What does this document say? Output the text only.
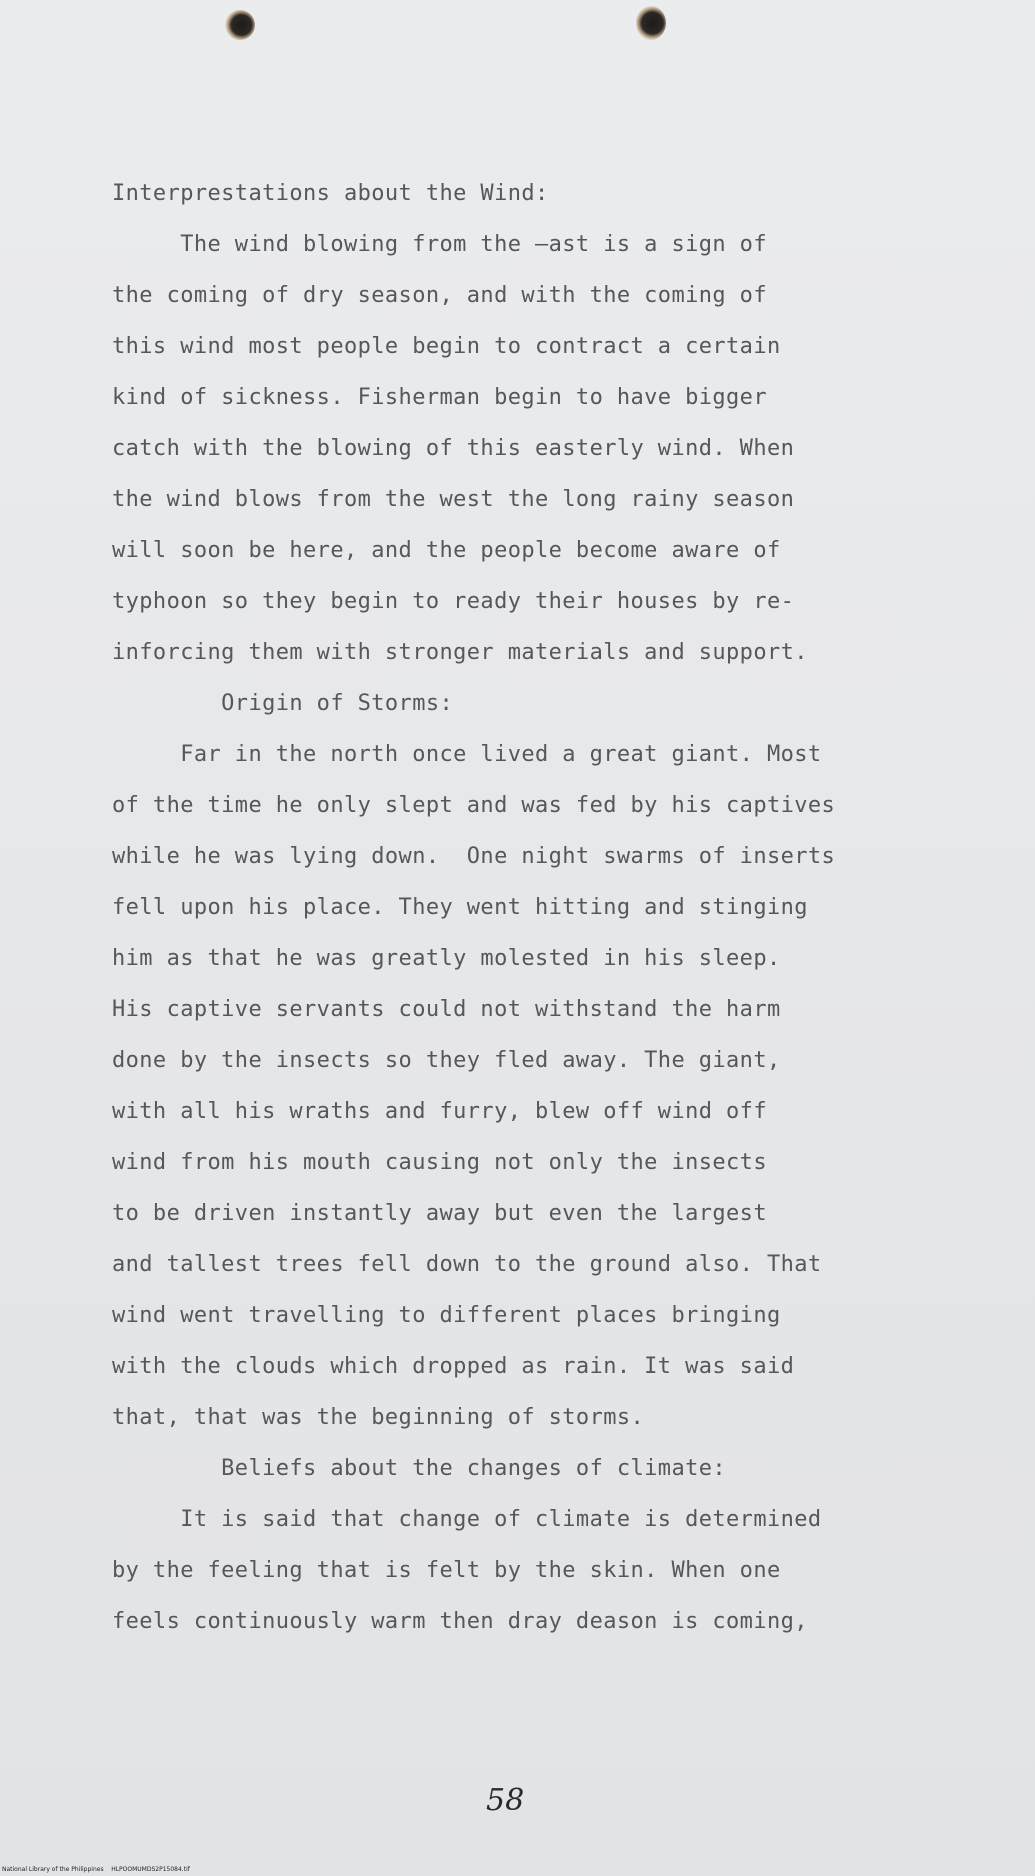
Interprestations about the Wind:
The wind blowing from the —ast is a sign of
the coming of dry season, and with the coming of
this wind most people begin to contract a certain
kind of sickness. Fisherman begin to have bigger
catch with the blowing of this easterly wind. When
the wind blows from the west the long rainy season
will soon be here, and the people become aware of
typhoon so they begin to ready their houses by re-
inforcing them with stronger materials and support.
Origin of Storms:
Far in the north once lived a great giant. Most
of the time he only slept and was fed by his captives
while he was lying down.  One night swarms of inserts
fell upon his place. They went hitting and stinging
him as that he was greatly molested in his sleep.
His captive servants could not withstand the harm
done by the insects so they fled away. The giant,
with all his wraths and furry, blew off wind off
wind from his mouth causing not only the insects
to be driven instantly away but even the largest
and tallest trees fell down to the ground also. That
wind went travelling to different places bringing
with the clouds which dropped as rain. It was said
that, that was the beginning of storms.
Beliefs about the changes of climate:
It is said that change of climate is determined
by the feeling that is felt by the skin. When one
feels continuously warm then dray deason is coming,
58
National Library of the Philippines    HLPOOMUMDS2P15084.tif
